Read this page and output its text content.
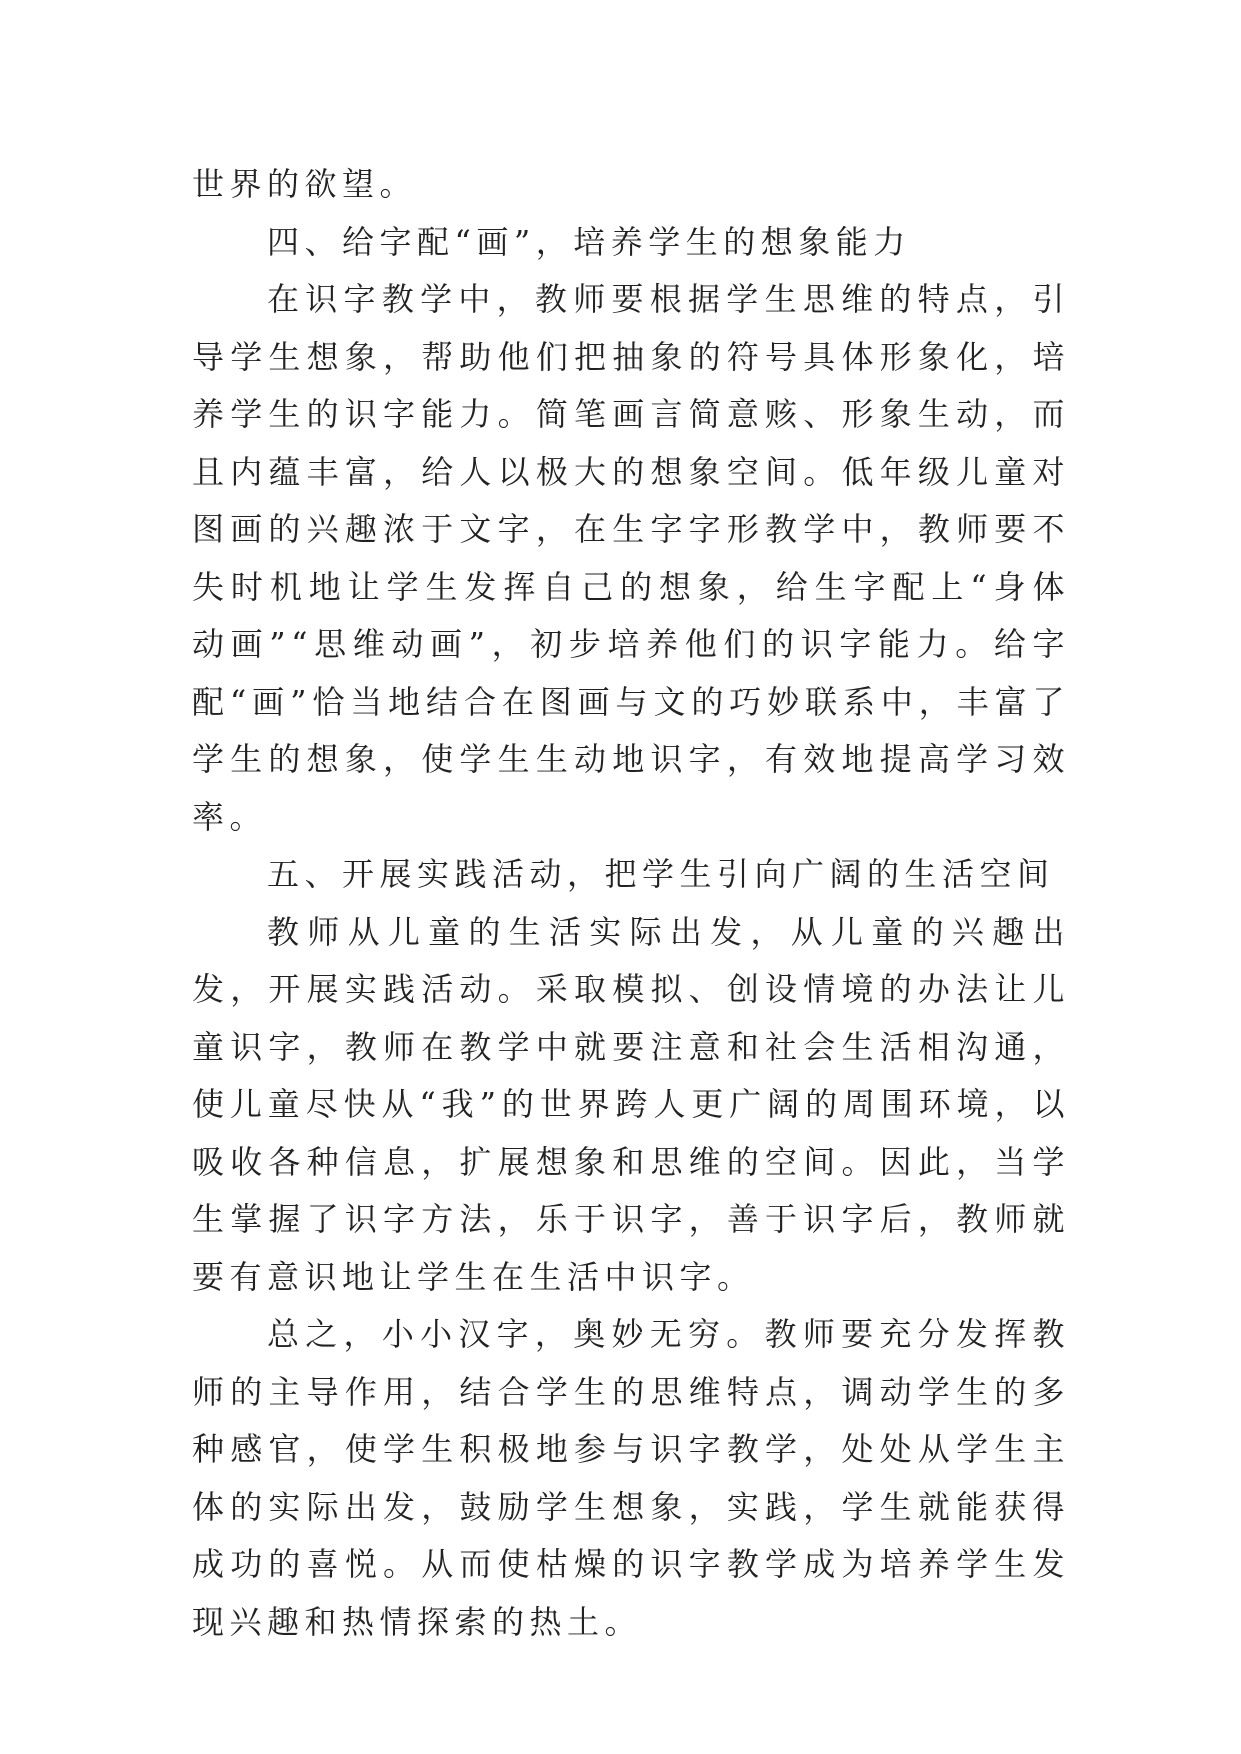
世界的欲望。

四、给字配“画”，培养学生的想象能力

在识字教学中，教师要根据学生思维的特点，引导学生想象，帮助他们把抽象的符号具体形象化，培养学生的识字能力。简笔画言简意赅、形象生动，而且内蕴丰富，给人以极大的想象空间。低年级儿童对图画的兴趣浓于文字，在生字字形教学中，教师要不失时机地让学生发挥自己的想象，给生字配上“身体动画”“思维动画”，初步培养他们的识字能力。给字配“画”恰当地结合在图画与文的巧妙联系中，丰富了学生的想象，使学生生动地识字，有效地提高学习效率。

五、开展实践活动，把学生引向广阔的生活空间

教师从儿童的生活实际出发，从儿童的兴趣出发，开展实践活动。采取模拟、创设情境的办法让儿童识字，教师在教学中就要注意和社会生活相沟通，使儿童尽快从“我”的世界跨人更广阔的周围环境，以吸收各种信息，扩展想象和思维的空间。因此，当学生掌握了识字方法，乐于识字，善于识字后，教师就要有意识地让学生在生活中识字。

总之，小小汉字，奥妙无穷。教师要充分发挥教师的主导作用，结合学生的思维特点，调动学生的多种感官，使学生积极地参与识字教学，处处从学生主体的实际出发，鼓励学生想象，实践，学生就能获得成功的喜悦。从而使枯燥的识字教学成为培养学生发现兴趣和热情探索的热土。
